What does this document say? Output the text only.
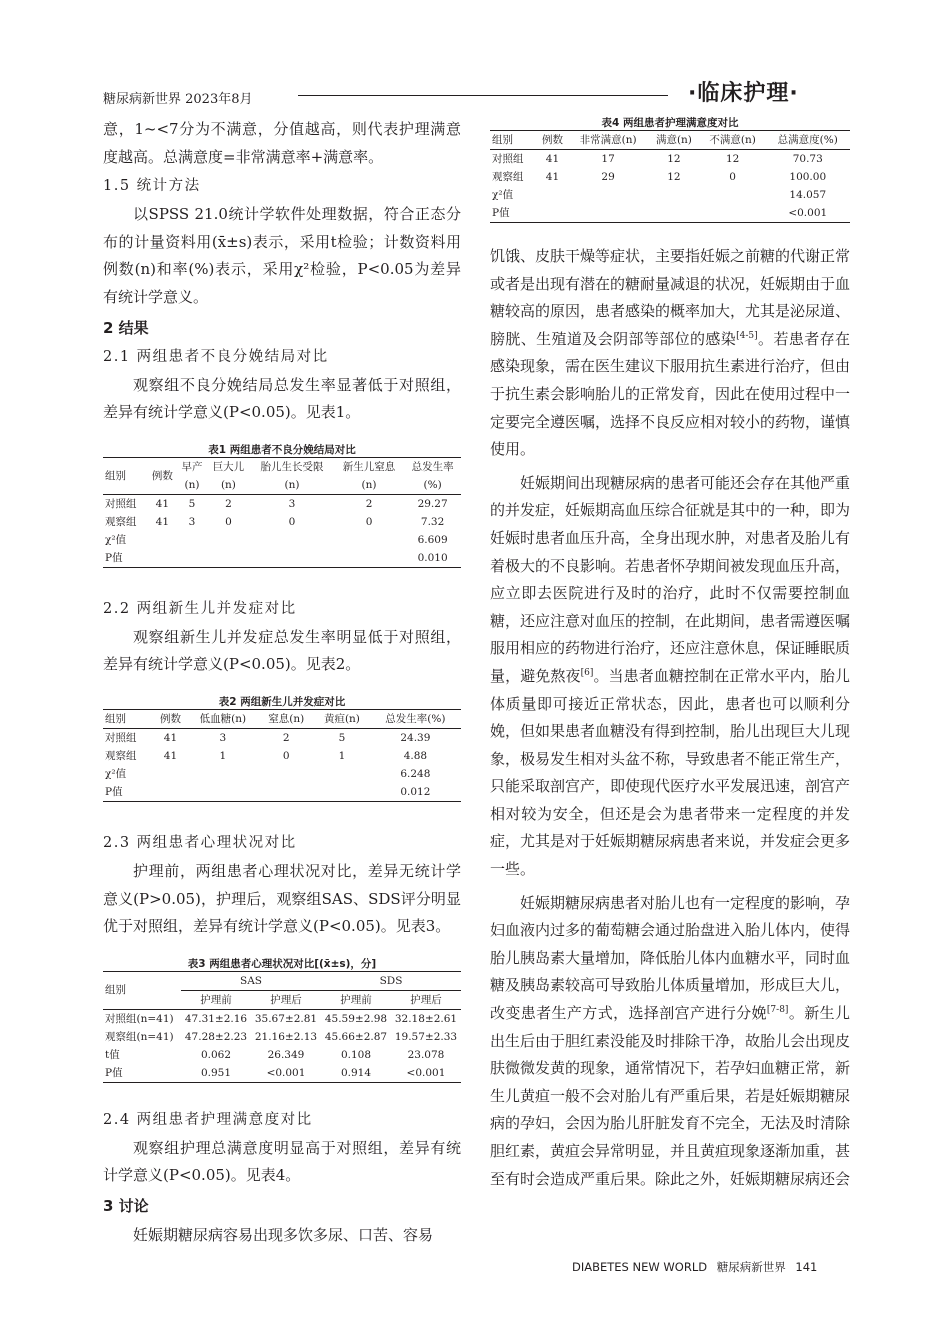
糖尿病新世界 2023年8月	·临床护理·

意，1~<7分为不满意，分值越高，则代表护理满意度越高。总满意度=非常满意率+满意率。

1.5 统计方法

以SPSS 21.0统计学软件处理数据，符合正态分布的计量资料用(x̄±s)表示，采用t检验；计数资料用例数(n)和率(%)表示，采用χ²检验，P<0.05为差异有统计学意义。

2 结果
2.1 两组患者不良分娩结局对比

观察组不良分娩结局总发生率显著低于对照组，差异有统计学意义(P<0.05)。见表1。

表1 两组患者不良分娩结局对比
组别	例数	早产	巨大儿	胎儿生长受限	新生儿窒息	总发生率
		(n)	(n)	(n)	(n)	(%)
对照组	41	5	2	3	2	29.27
观察组	41	3	0	0	0	7.32
χ²值						6.609
P值						0.010
2.2 两组新生儿并发症对比

观察组新生儿并发症总发生率明显低于对照组，差异有统计学意义(P<0.05)。见表2。

表2 两组新生儿并发症对比
组别	例数	低血糖(n)	窒息(n)	黄疸(n)	总发生率(%)
对照组	41	3	2	5	24.39
观察组	41	1	0	1	4.88
χ²值					6.248
P值					0.012
2.3 两组患者心理状况对比

护理前，两组患者心理状况对比，差异无统计学意义(P>0.05)，护理后，观察组SAS、SDS评分明显优于对照组，差异有统计学意义(P<0.05)。见表3。

表3 两组患者心理状况对比[(x̄±s)，分]
组别	SAS		SDS	
	护理前	护理后	护理前	护理后
对照组(n=41)	47.31±2.16	35.67±2.81	45.59±2.98	32.18±2.61
观察组(n=41)	47.28±2.23	21.16±2.13	45.66±2.87	19.57±2.33
t值	0.062	26.349	0.108	23.078
P值	0.951	<0.001	0.914	<0.001
2.4 两组患者护理满意度对比

观察组护理总满意度明显高于对照组，差异有统计学意义(P<0.05)。见表4。

3 讨论

妊娠期糖尿病容易出现多饮多尿、口苦、容易

表4 两组患者护理满意度对比
组别	例数	非常满意(n)	满意(n)	不满意(n)	总满意度(%)
对照组	41	17	12	12	70.73
观察组	41	29	12	0	100.00
χ²值					14.057
P值					<0.001

饥饿、皮肤干燥等症状，主要指妊娠之前糖的代谢正常或者是出现有潜在的糖耐量减退的状况，妊娠期由于血糖较高的原因，患者感染的概率加大，尤其是泌尿道、膀胱、生殖道及会阴部等部位的感染[4-5]。若患者存在感染现象，需在医生建议下服用抗生素进行治疗，但由于抗生素会影响胎儿的正常发育，因此在使用过程中一定要完全遵医嘱，选择不良反应相对较小的药物，谨慎使用。

妊娠期间出现糖尿病的患者可能还会存在其他严重的并发症，妊娠期高血压综合征就是其中的一种，即为妊娠时患者血压升高，全身出现水肿，对患者及胎儿有着极大的不良影响。若患者怀孕期间被发现血压升高，应立即去医院进行及时的治疗，此时不仅需要控制血糖，还应注意对血压的控制，在此期间，患者需遵医嘱服用相应的药物进行治疗，还应注意休息，保证睡眠质量，避免熬夜[6]。当患者血糖控制在正常水平内，胎儿体质量即可接近正常状态，因此，患者也可以顺利分娩，但如果患者血糖没有得到控制，胎儿出现巨大儿现象，极易发生相对头盆不称，导致患者不能正常生产，只能采取剖宫产，即使现代医疗水平发展迅速，剖宫产相对较为安全，但还是会为患者带来一定程度的并发症，尤其是对于妊娠期糖尿病患者来说，并发症会更多一些。

妊娠期糖尿病患者对胎儿也有一定程度的影响，孕妇血液内过多的葡萄糖会通过胎盘进入胎儿体内，使得胎儿胰岛素大量增加，降低胎儿体内血糖水平，同时血糖及胰岛素较高可导致胎儿体质量增加，形成巨大儿，改变患者生产方式，选择剖宫产进行分娩[7-8]。新生儿出生后由于胆红素没能及时排除干净，故胎儿会出现皮肤微微发黄的现象，通常情况下，若孕妇血糖正常，新生儿黄疸一般不会对胎儿有严重后果，若是妊娠期糖尿病的孕妇，会因为胎儿肝脏发育不完全，无法及时清除胆红素，黄疸会异常明显，并且黄疸现象逐渐加重，甚至有时会造成严重后果。除此之外，妊娠期糖尿病还会

DIABETES NEW WORLD 糖尿病新世界 141
